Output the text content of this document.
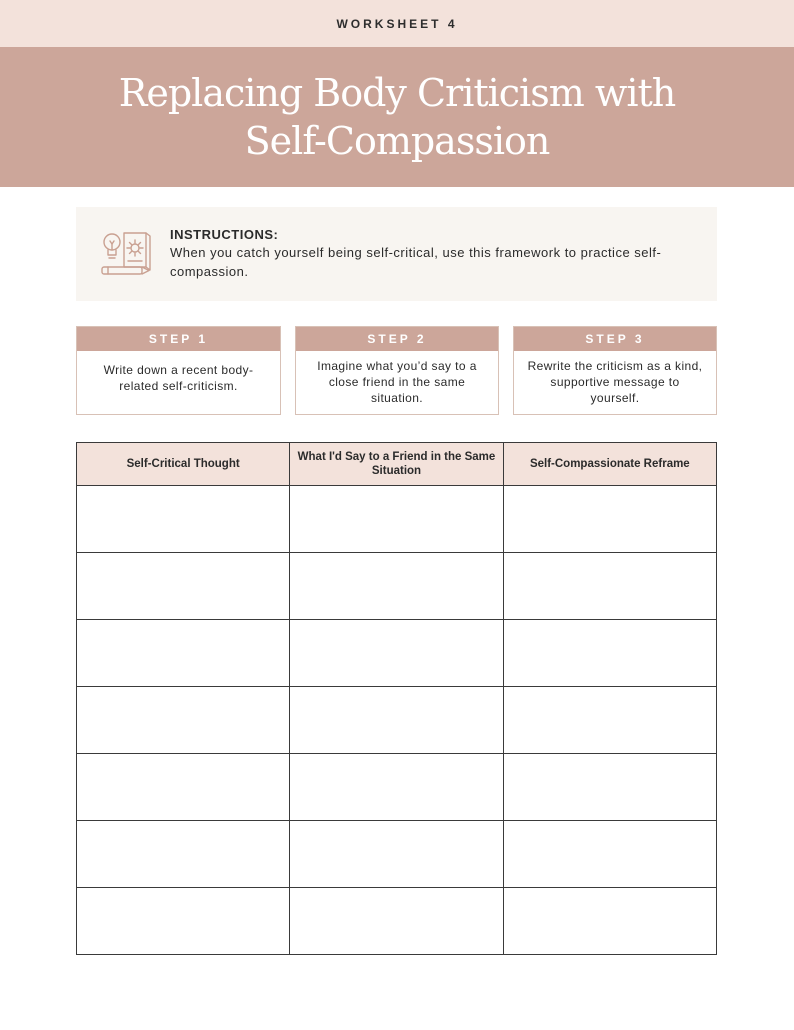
WORKSHEET 4
Replacing Body Criticism with
Self-Compassion
INSTRUCTIONS:
When you catch yourself being self-critical, use this framework to practice self-compassion.
STEP 1
Write down a recent body-related self-criticism.
STEP 2
Imagine what you’d say to a close friend in the same situation.
STEP 3
Rewrite the criticism as a kind, supportive message to yourself.
Self-Critical Thought	What I'd Say to a Friend in the Same Situation	Self-Compassionate Reframe
